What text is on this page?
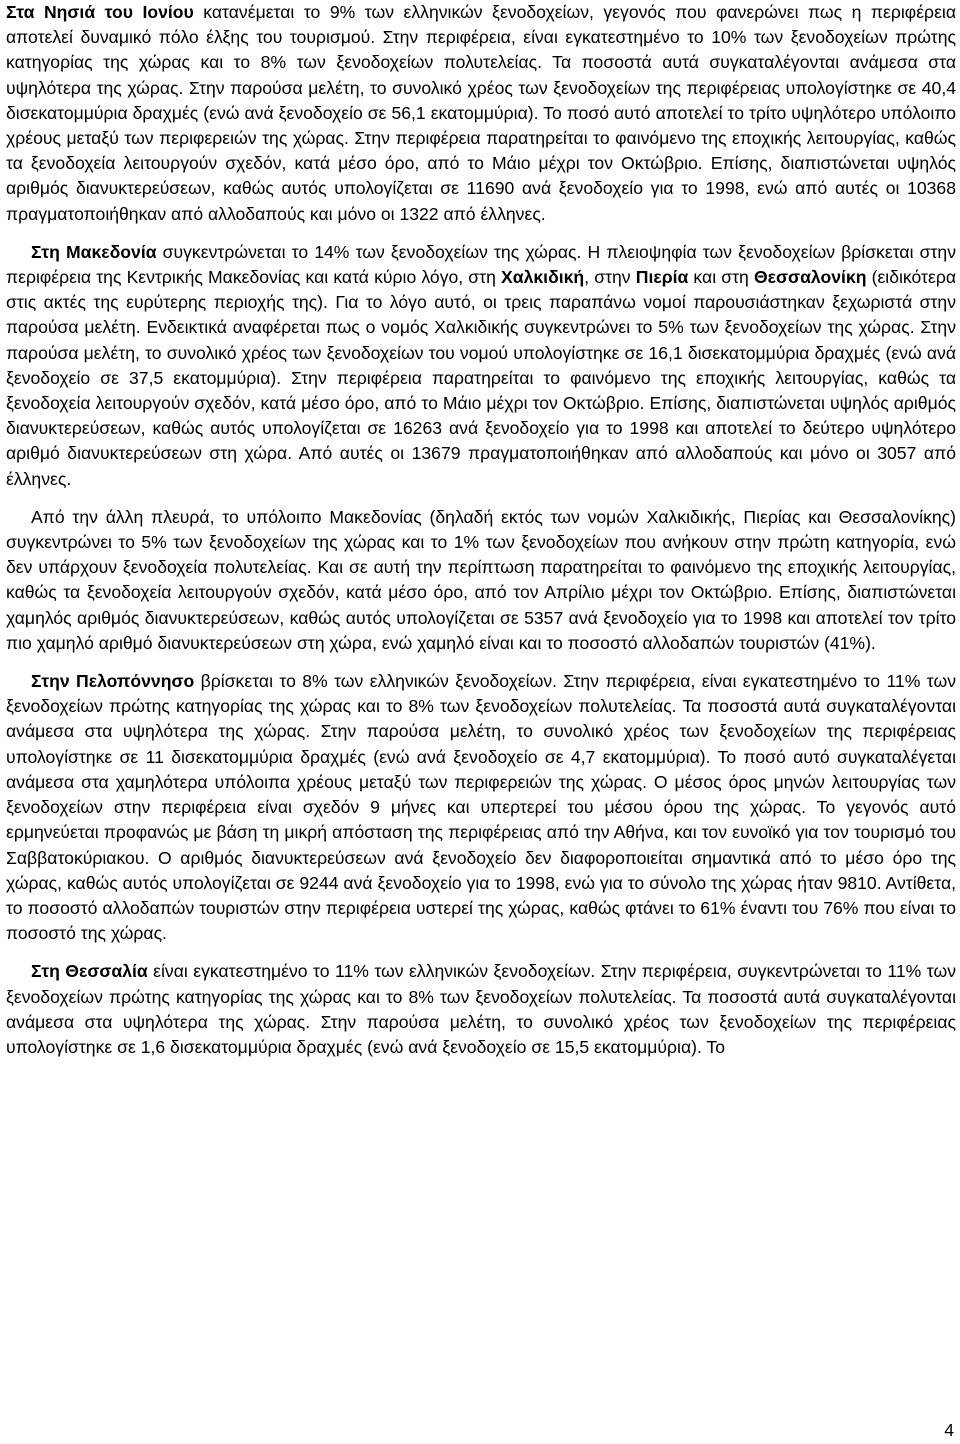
Στα Νησιά του Ιονίου κατανέμεται το 9% των ελληνικών ξενοδοχείων, γεγονός που φανερώνει πως η περιφέρεια αποτελεί δυναμικό πόλο έλξης του τουρισμού. Στην περιφέρεια, είναι εγκατεστημένο το 10% των ξενοδοχείων πρώτης κατηγορίας της χώρας και το 8% των ξενοδοχείων πολυτελείας. Τα ποσοστά αυτά συγκαταλέγονται ανάμεσα στα υψηλότερα της χώρας. Στην παρούσα μελέτη, το συνολικό χρέος των ξενοδοχείων της περιφέρειας υπολογίστηκε σε 40,4 δισεκατομμύρια δραχμές (ενώ ανά ξενοδοχείο σε 56,1 εκατομμύρια). Το ποσό αυτό αποτελεί το τρίτο υψηλότερο υπόλοιπο χρέους μεταξύ των περιφερειών της χώρας. Στην περιφέρεια παρατηρείται το φαινόμενο της εποχικής λειτουργίας, καθώς τα ξενοδοχεία λειτουργούν σχεδόν, κατά μέσο όρο, από το Μάιο μέχρι τον Οκτώβριο. Επίσης, διαπιστώνεται υψηλός αριθμός διανυκτερεύσεων, καθώς αυτός υπολογίζεται σε 11690 ανά ξενοδοχείο για το 1998, ενώ από αυτές οι 10368 πραγματοποιήθηκαν από αλλοδαπούς και μόνο οι 1322 από έλληνες.

Στη Μακεδονία συγκεντρώνεται το 14% των ξενοδοχείων της χώρας. Η πλειοψηφία των ξενοδοχείων βρίσκεται στην περιφέρεια της Κεντρικής Μακεδονίας και κατά κύριο λόγο, στη Χαλκιδική, στην Πιερία και στη Θεσσαλονίκη (ειδικότερα στις ακτές της ευρύτερης περιοχής της). Για το λόγο αυτό, οι τρεις παραπάνω νομοί παρουσιάστηκαν ξεχωριστά στην παρούσα μελέτη. Ενδεικτικά αναφέρεται πως ο νομός Χαλκιδικής συγκεντρώνει το 5% των ξενοδοχείων της χώρας. Στην παρούσα μελέτη, το συνολικό χρέος των ξενοδοχείων του νομού υπολογίστηκε σε 16,1 δισεκατομμύρια δραχμές (ενώ ανά ξενοδοχείο σε 37,5 εκατομμύρια). Στην περιφέρεια παρατηρείται το φαινόμενο της εποχικής λειτουργίας, καθώς τα ξενοδοχεία λειτουργούν σχεδόν, κατά μέσο όρο, από το Μάιο μέχρι τον Οκτώβριο. Επίσης, διαπιστώνεται υψηλός αριθμός διανυκτερεύσεων, καθώς αυτός υπολογίζεται σε 16263 ανά ξενοδοχείο για το 1998 και αποτελεί το δεύτερο υψηλότερο αριθμό διανυκτερεύσεων στη χώρα. Από αυτές οι 13679 πραγματοποιήθηκαν από αλλοδαπούς και μόνο οι 3057 από έλληνες.

Από την άλλη πλευρά, το υπόλοιπο Μακεδονίας (δηλαδή εκτός των νομών Χαλκιδικής, Πιερίας και Θεσσαλονίκης) συγκεντρώνει το 5% των ξενοδοχείων της χώρας και το 1% των ξενοδοχείων που ανήκουν στην πρώτη κατηγορία, ενώ δεν υπάρχουν ξενοδοχεία πολυτελείας. Και σε αυτή την περίπτωση παρατηρείται το φαινόμενο της εποχικής λειτουργίας, καθώς τα ξενοδοχεία λειτουργούν σχεδόν, κατά μέσο όρο, από τον Απρίλιο μέχρι τον Οκτώβριο. Επίσης, διαπιστώνεται χαμηλός αριθμός διανυκτερεύσεων, καθώς αυτός υπολογίζεται σε 5357 ανά ξενοδοχείο για το 1998 και αποτελεί τον τρίτο πιο χαμηλό αριθμό διανυκτερεύσεων στη χώρα, ενώ χαμηλό είναι και το ποσοστό αλλοδαπών τουριστών (41%).

Στην Πελοπόννησο βρίσκεται το 8% των ελληνικών ξενοδοχείων. Στην περιφέρεια, είναι εγκατεστημένο το 11% των ξενοδοχείων πρώτης κατηγορίας της χώρας και το 8% των ξενοδοχείων πολυτελείας. Τα ποσοστά αυτά συγκαταλέγονται ανάμεσα στα υψηλότερα της χώρας. Στην παρούσα μελέτη, το συνολικό χρέος των ξενοδοχείων της περιφέρειας υπολογίστηκε σε 11 δισεκατομμύρια δραχμές (ενώ ανά ξενοδοχείο σε 4,7 εκατομμύρια). Το ποσό αυτό συγκαταλέγεται ανάμεσα στα χαμηλότερα υπόλοιπα χρέους μεταξύ των περιφερειών της χώρας. Ο μέσος όρος μηνών λειτουργίας των ξενοδοχείων στην περιφέρεια είναι σχεδόν 9 μήνες και υπερτερεί του μέσου όρου της χώρας. Το γεγονός αυτό ερμηνεύεται προφανώς με βάση τη μικρή απόσταση της περιφέρειας από την Αθήνα, και τον ευνοϊκό για τον τουρισμό του Σαββατοκύριακου. Ο αριθμός διανυκτερεύσεων ανά ξενοδοχείο δεν διαφοροποιείται σημαντικά από το μέσο όρο της χώρας, καθώς αυτός υπολογίζεται σε 9244 ανά ξενοδοχείο για το 1998, ενώ για το σύνολο της χώρας ήταν 9810. Αντίθετα, το ποσοστό αλλοδαπών τουριστών στην περιφέρεια υστερεί της χώρας, καθώς φτάνει το 61% έναντι του 76% που είναι το ποσοστό της χώρας.

Στη Θεσσαλία είναι εγκατεστημένο το 11% των ελληνικών ξενοδοχείων. Στην περιφέρεια, συγκεντρώνεται το 11% των ξενοδοχείων πρώτης κατηγορίας της χώρας και το 8% των ξενοδοχείων πολυτελείας. Τα ποσοστά αυτά συγκαταλέγονται ανάμεσα στα υψηλότερα της χώρας. Στην παρούσα μελέτη, το συνολικό χρέος των ξενοδοχείων της περιφέρειας υπολογίστηκε σε 1,6 δισεκατομμύρια δραχμές (ενώ ανά ξενοδοχείο σε 15,5 εκατομμύρια). Το

4
